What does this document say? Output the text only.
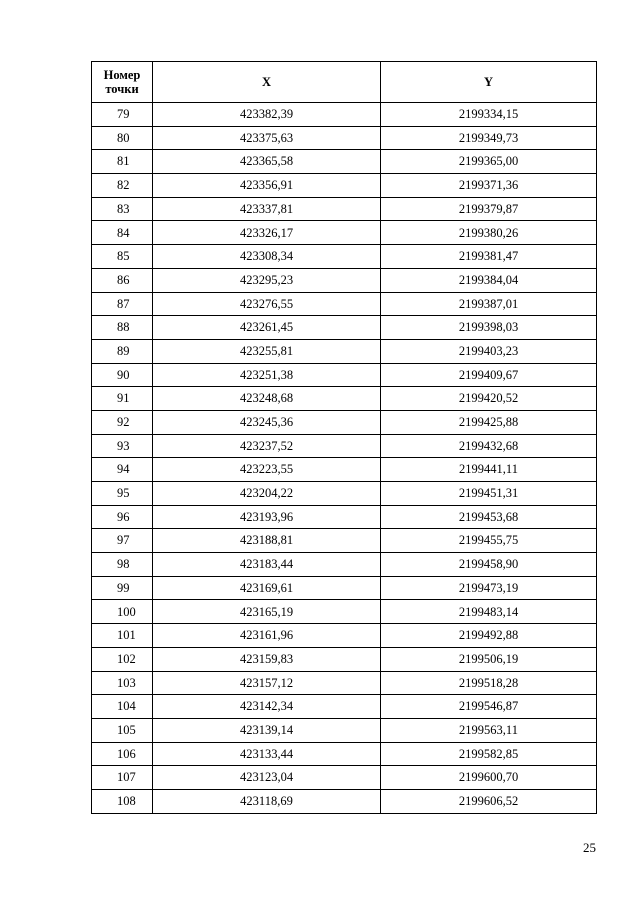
Номер точки	X	Y
79	423382,39	2199334,15
80	423375,63	2199349,73
81	423365,58	2199365,00
82	423356,91	2199371,36
83	423337,81	2199379,87
84	423326,17	2199380,26
85	423308,34	2199381,47
86	423295,23	2199384,04
87	423276,55	2199387,01
88	423261,45	2199398,03
89	423255,81	2199403,23
90	423251,38	2199409,67
91	423248,68	2199420,52
92	423245,36	2199425,88
93	423237,52	2199432,68
94	423223,55	2199441,11
95	423204,22	2199451,31
96	423193,96	2199453,68
97	423188,81	2199455,75
98	423183,44	2199458,90
99	423169,61	2199473,19
100	423165,19	2199483,14
101	423161,96	2199492,88
102	423159,83	2199506,19
103	423157,12	2199518,28
104	423142,34	2199546,87
105	423139,14	2199563,11
106	423133,44	2199582,85
107	423123,04	2199600,70
108	423118,69	2199606,52
25
